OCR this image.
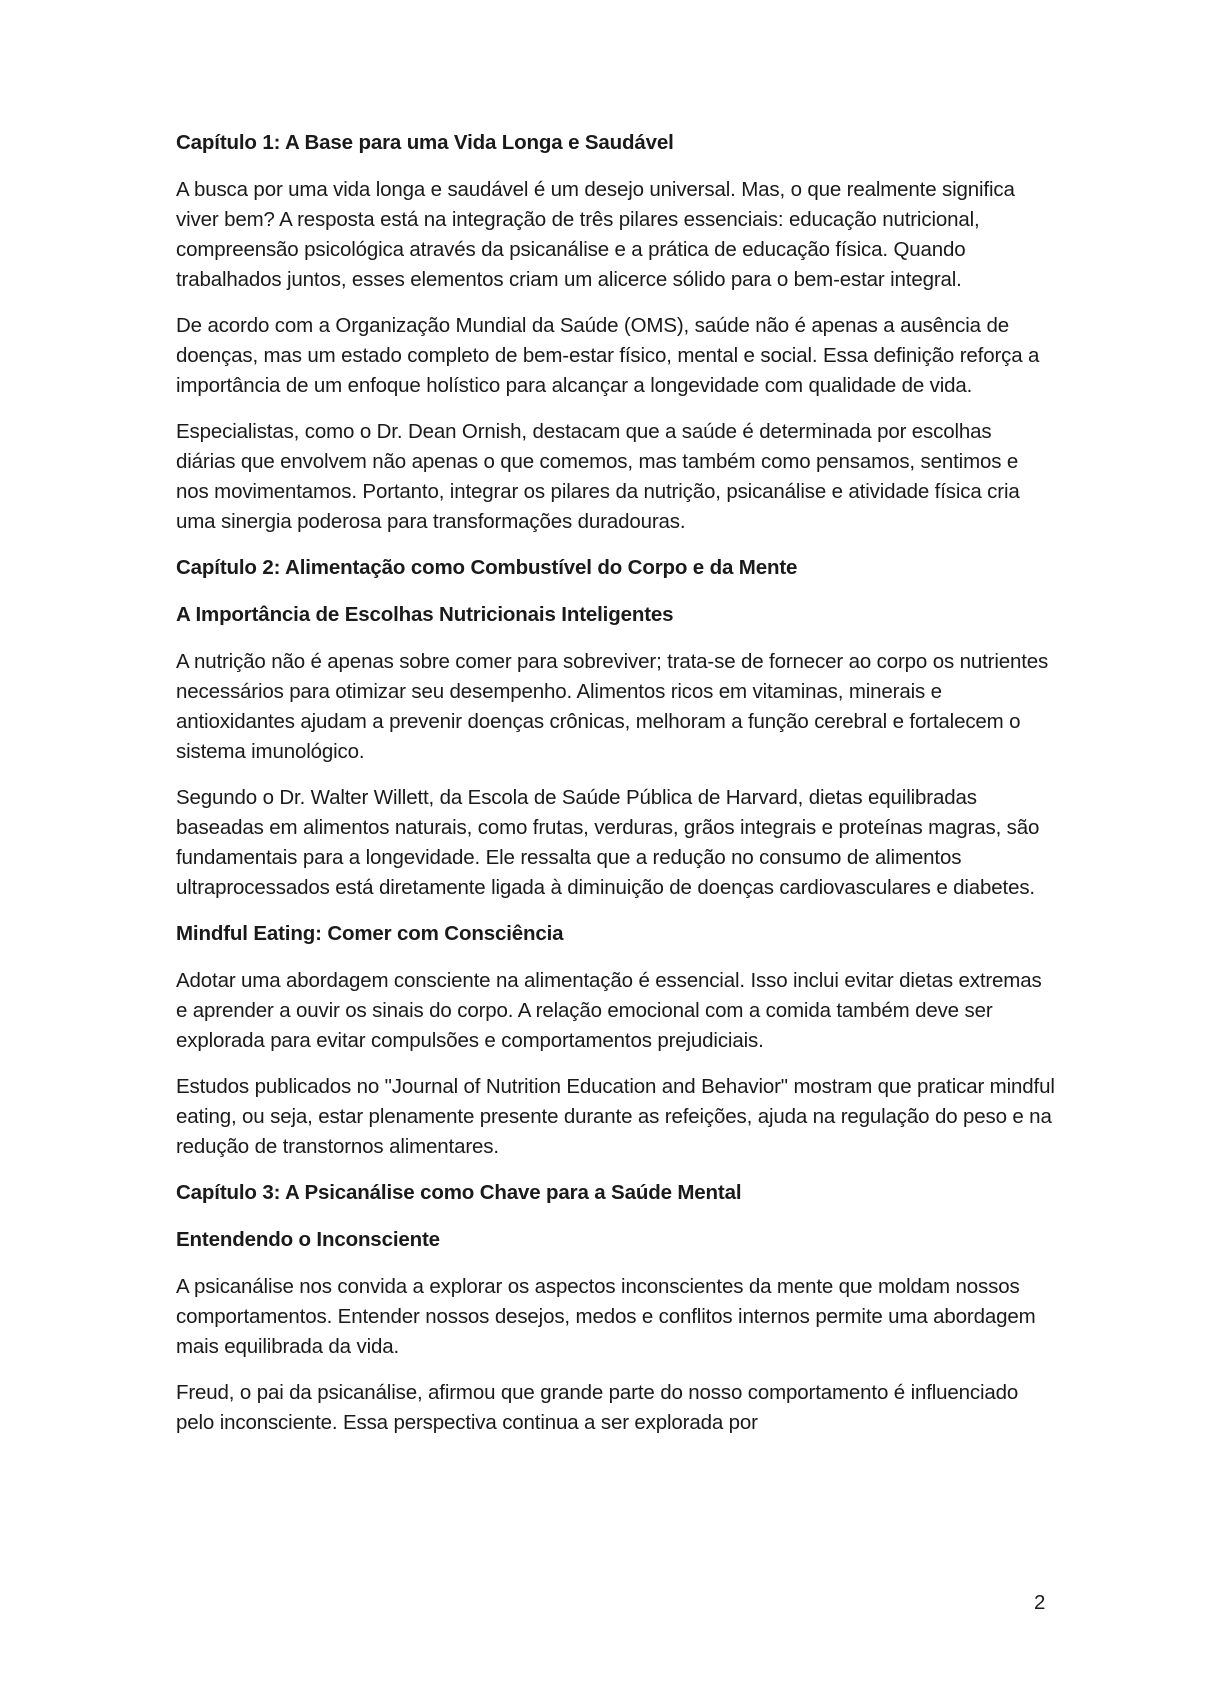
Capítulo 1: A Base para uma Vida Longa e Saudável

A busca por uma vida longa e saudável é um desejo universal. Mas, o que realmente significa viver bem? A resposta está na integração de três pilares essenciais: educação nutricional, compreensão psicológica através da psicanálise e a prática de educação física. Quando trabalhados juntos, esses elementos criam um alicerce sólido para o bem-estar integral.

De acordo com a Organização Mundial da Saúde (OMS), saúde não é apenas a ausência de doenças, mas um estado completo de bem-estar físico, mental e social. Essa definição reforça a importância de um enfoque holístico para alcançar a longevidade com qualidade de vida.

Especialistas, como o Dr. Dean Ornish, destacam que a saúde é determinada por escolhas diárias que envolvem não apenas o que comemos, mas também como pensamos, sentimos e nos movimentamos. Portanto, integrar os pilares da nutrição, psicanálise e atividade física cria uma sinergia poderosa para transformações duradouras.

Capítulo 2: Alimentação como Combustível do Corpo e da Mente

A Importância de Escolhas Nutricionais Inteligentes

A nutrição não é apenas sobre comer para sobreviver; trata-se de fornecer ao corpo os nutrientes necessários para otimizar seu desempenho. Alimentos ricos em vitaminas, minerais e antioxidantes ajudam a prevenir doenças crônicas, melhoram a função cerebral e fortalecem o sistema imunológico.

Segundo o Dr. Walter Willett, da Escola de Saúde Pública de Harvard, dietas equilibradas baseadas em alimentos naturais, como frutas, verduras, grãos integrais e proteínas magras, são fundamentais para a longevidade. Ele ressalta que a redução no consumo de alimentos ultraprocessados está diretamente ligada à diminuição de doenças cardiovasculares e diabetes.

Mindful Eating: Comer com Consciência

Adotar uma abordagem consciente na alimentação é essencial. Isso inclui evitar dietas extremas e aprender a ouvir os sinais do corpo. A relação emocional com a comida também deve ser explorada para evitar compulsões e comportamentos prejudiciais.

Estudos publicados no "Journal of Nutrition Education and Behavior" mostram que praticar mindful eating, ou seja, estar plenamente presente durante as refeições, ajuda na regulação do peso e na redução de transtornos alimentares.

Capítulo 3: A Psicanálise como Chave para a Saúde Mental

Entendendo o Inconsciente

A psicanálise nos convida a explorar os aspectos inconscientes da mente que moldam nossos comportamentos. Entender nossos desejos, medos e conflitos internos permite uma abordagem mais equilibrada da vida.

Freud, o pai da psicanálise, afirmou que grande parte do nosso comportamento é influenciado pelo inconsciente. Essa perspectiva continua a ser explorada por

2
